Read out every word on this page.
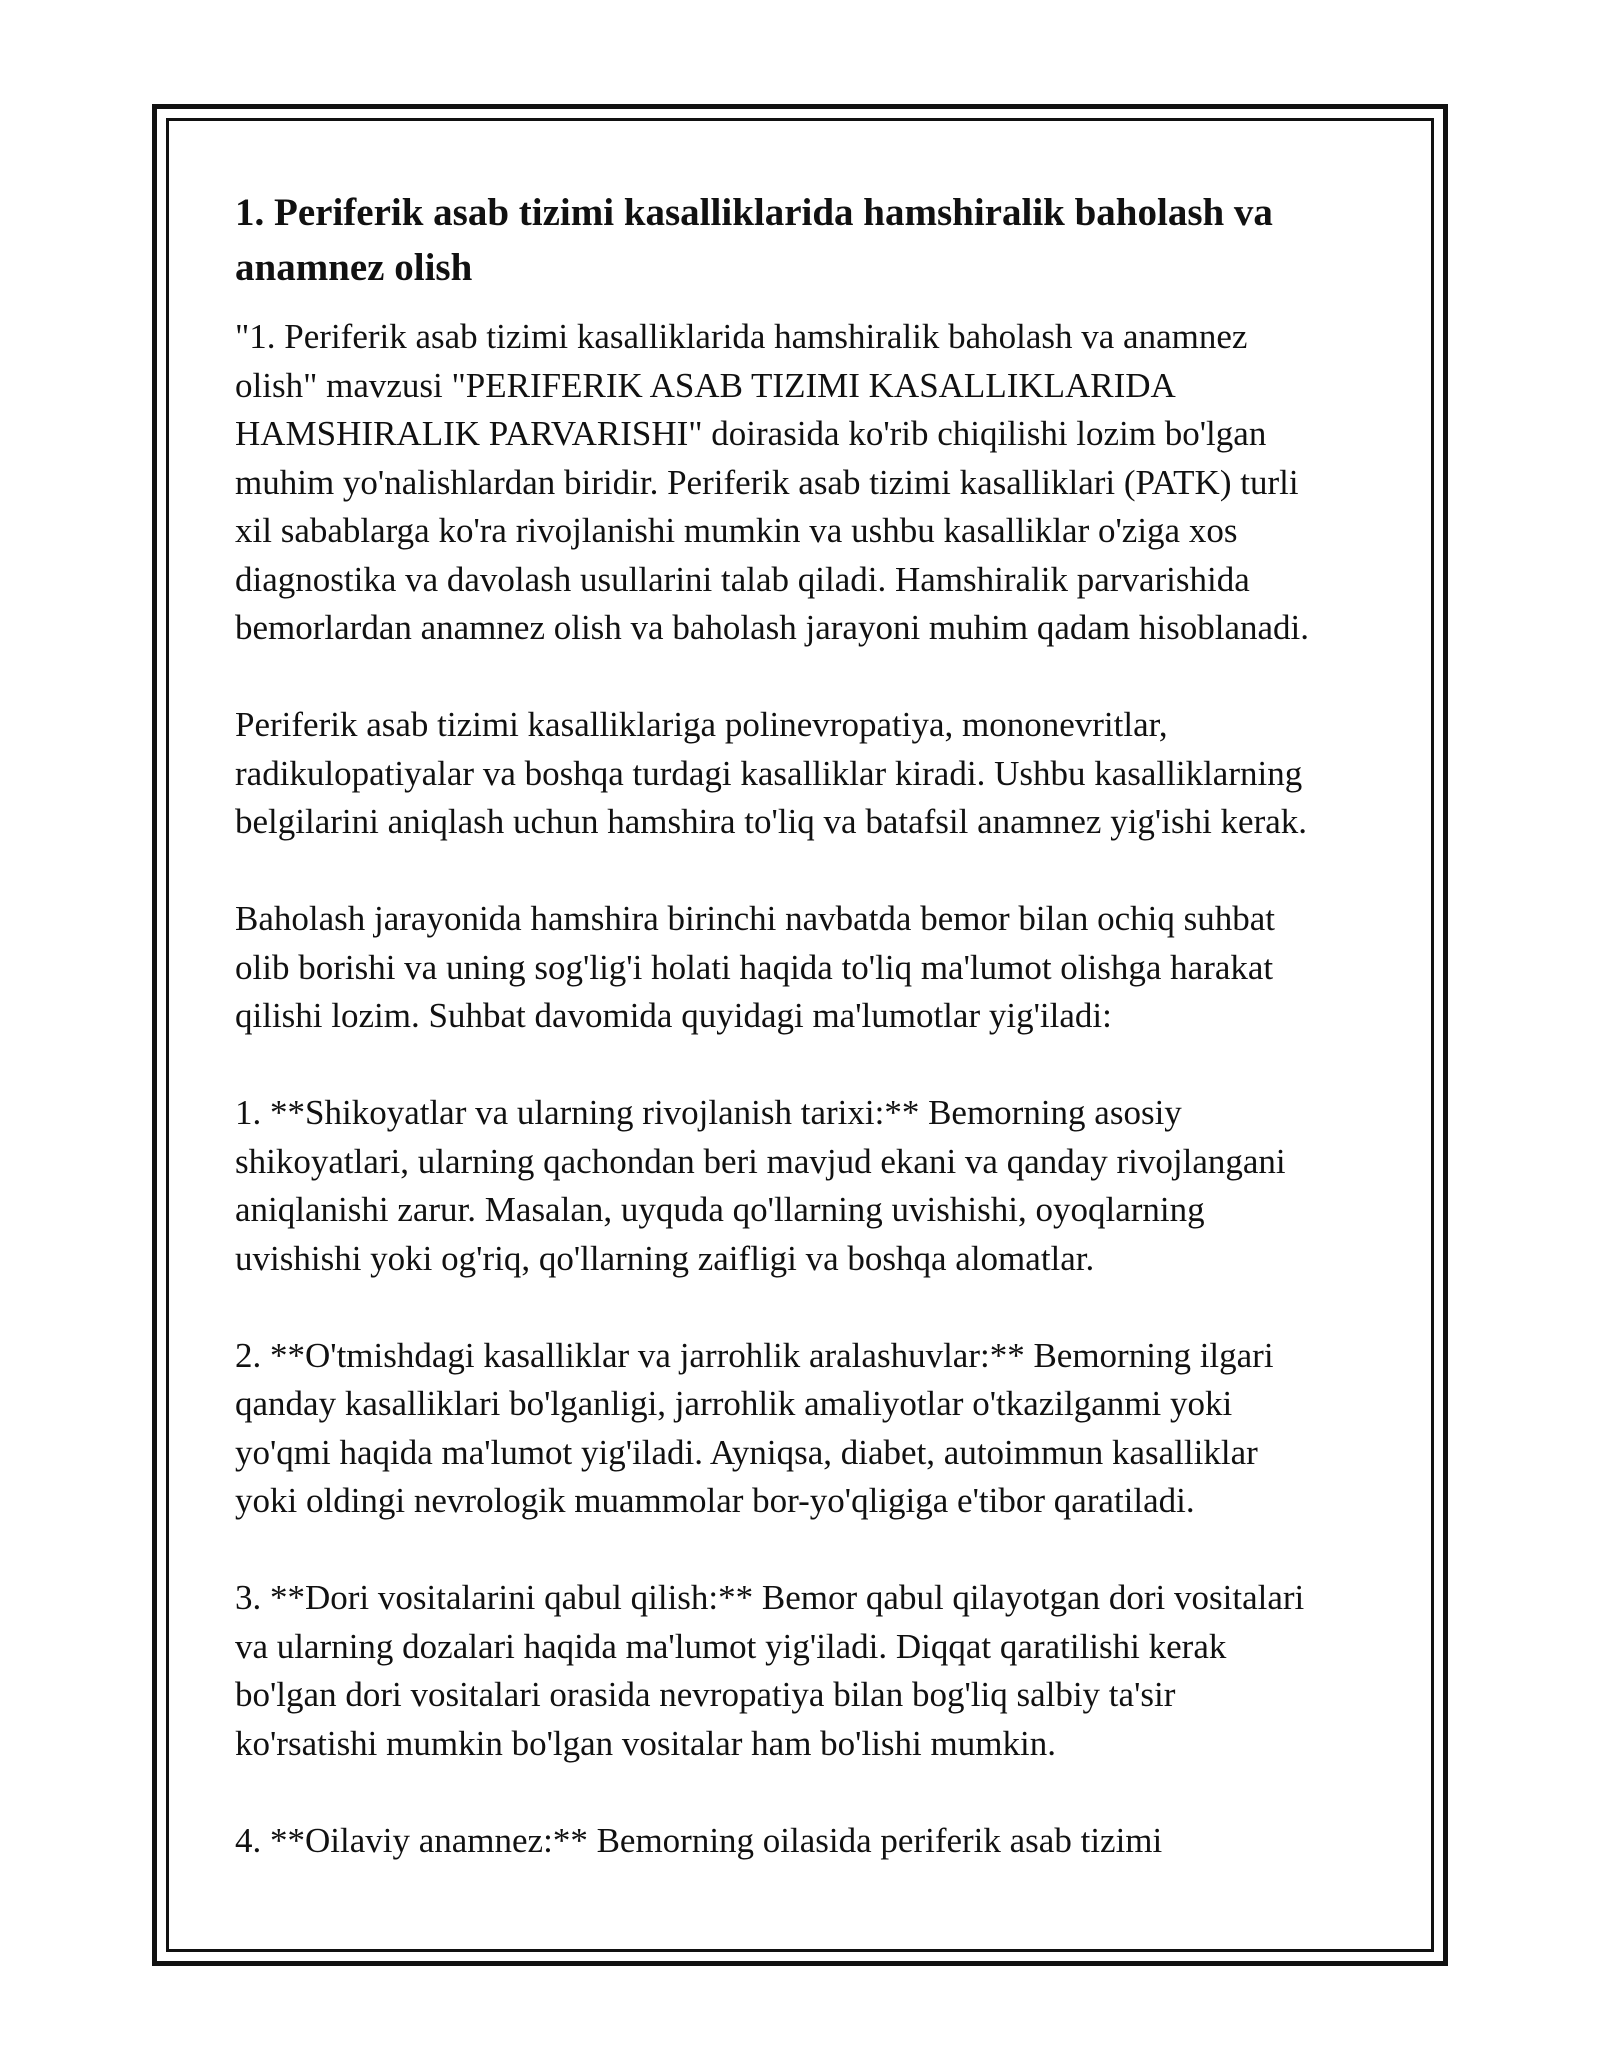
1. Periferik asab tizimi kasalliklarida hamshiralik baholash va anamnez olish

"1. Periferik asab tizimi kasalliklarida hamshiralik baholash va anamnez
olish" mavzusi "PERIFERIK ASAB TIZIMI KASALLIKLARIDA
HAMSHIRALIK PARVARISHI" doirasida ko'rib chiqilishi lozim bo'lgan
muhim yo'nalishlardan biridir. Periferik asab tizimi kasalliklari (PATK) turli
xil sabablarga ko'ra rivojlanishi mumkin va ushbu kasalliklar o'ziga xos
diagnostika va davolash usullarini talab qiladi. Hamshiralik parvarishida
bemorlardan anamnez olish va baholash jarayoni muhim qadam hisoblanadi.

Periferik asab tizimi kasalliklariga polinevropatiya, mononevritlar,
radikulopatiyalar va boshqa turdagi kasalliklar kiradi. Ushbu kasalliklarning
belgilarini aniqlash uchun hamshira to'liq va batafsil anamnez yig'ishi kerak.

Baholash jarayonida hamshira birinchi navbatda bemor bilan ochiq suhbat
olib borishi va uning sog'lig'i holati haqida to'liq ma'lumot olishga harakat
qilishi lozim. Suhbat davomida quyidagi ma'lumotlar yig'iladi:

1. **Shikoyatlar va ularning rivojlanish tarixi:** Bemorning asosiy
shikoyatlari, ularning qachondan beri mavjud ekani va qanday rivojlangani
aniqlanishi zarur. Masalan, uyquda qo'llarning uvishishi, oyoqlarning
uvishishi yoki og'riq, qo'llarning zaifligi va boshqa alomatlar.

2. **O'tmishdagi kasalliklar va jarrohlik aralashuvlar:** Bemorning ilgari
qanday kasalliklari bo'lganligi, jarrohlik amaliyotlar o'tkazilganmi yoki
yo'qmi haqida ma'lumot yig'iladi. Ayniqsa, diabet, autoimmun kasalliklar
yoki oldingi nevrologik muammolar bor-yo'qligiga e'tibor qaratiladi.

3. **Dori vositalarini qabul qilish:** Bemor qabul qilayotgan dori vositalari
va ularning dozalari haqida ma'lumot yig'iladi. Diqqat qaratilishi kerak
bo'lgan dori vositalari orasida nevropatiya bilan bog'liq salbiy ta'sir
ko'rsatishi mumkin bo'lgan vositalar ham bo'lishi mumkin.

4. **Oilaviy anamnez:** Bemorning oilasida periferik asab tizimi
